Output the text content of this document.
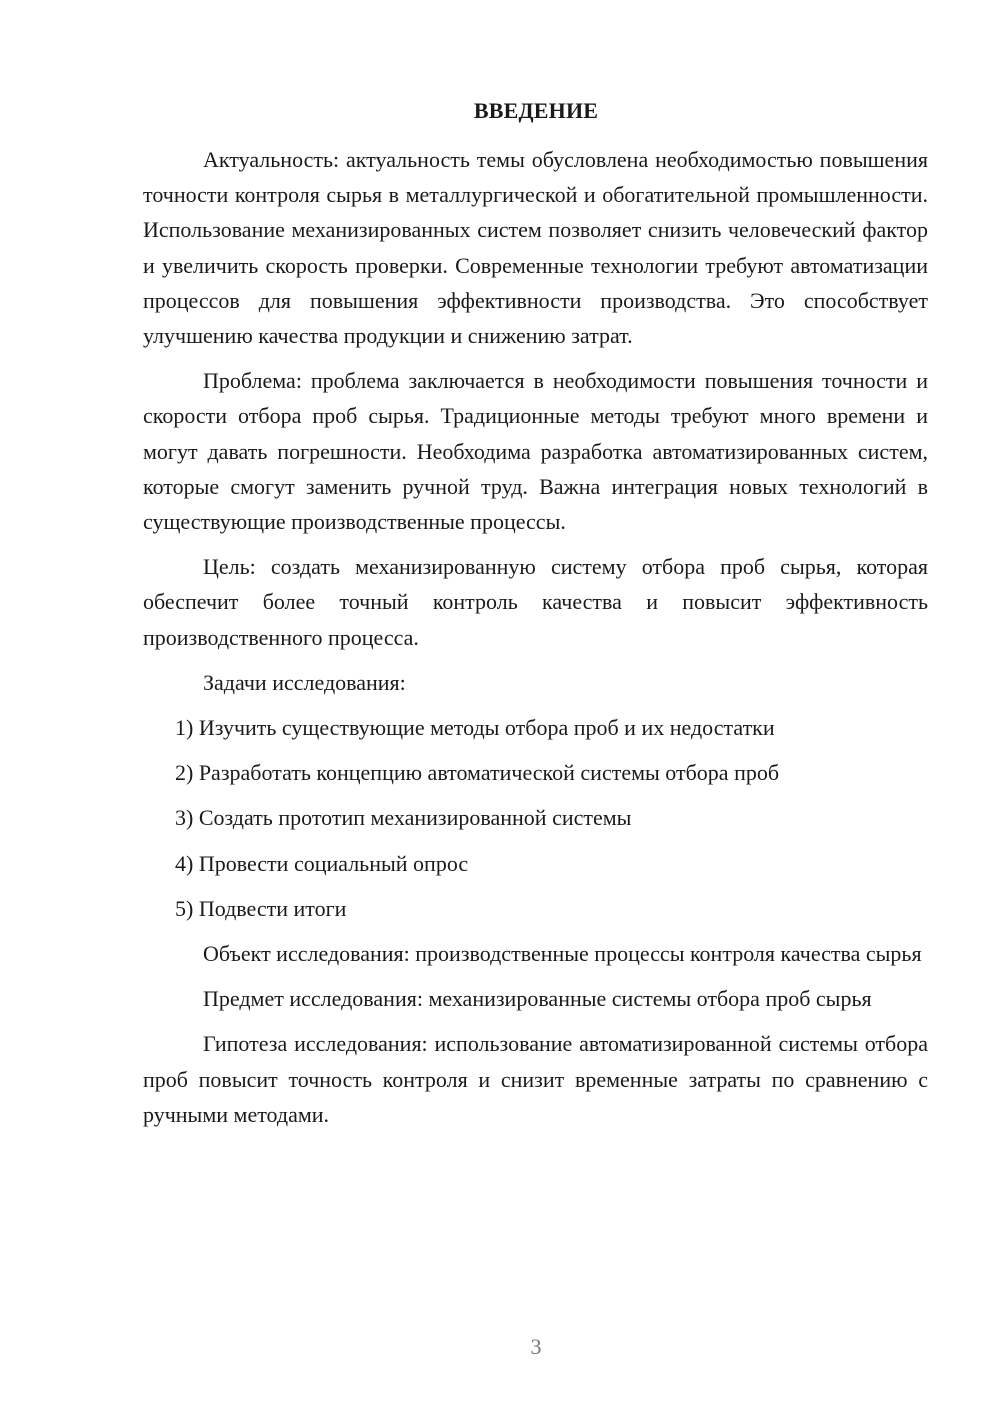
ВВЕДЕНИЕ

Актуальность: актуальность темы обусловлена необходимостью повышения точности контроля сырья в металлургической и обогатительной промышленности. Использование механизированных систем позволяет снизить человеческий фактор и увеличить скорость проверки. Современные технологии требуют автоматизации процессов для повышения эффективности производства. Это способствует улучшению качества продукции и снижению затрат.

Проблема: проблема заключается в необходимости повышения точности и скорости отбора проб сырья. Традиционные методы требуют много времени и могут давать погрешности. Необходима разработка автоматизированных систем, которые смогут заменить ручной труд. Важна интеграция новых технологий в существующие производственные процессы.

Цель: создать механизированную систему отбора проб сырья, которая обеспечит более точный контроль качества и повысит эффективность производственного процесса.

Задачи исследования:

1) Изучить существующие методы отбора проб и их недостатки
2) Разработать концепцию автоматической системы отбора проб
3) Создать прототип механизированной системы
4) Провести социальный опрос
5) Подвести итоги

Объект исследования: производственные процессы контроля качества сырья

Предмет исследования: механизированные системы отбора проб сырья

Гипотеза исследования: использование автоматизированной системы отбора проб повысит точность контроля и снизит временные затраты по сравнению с ручными методами.

3
